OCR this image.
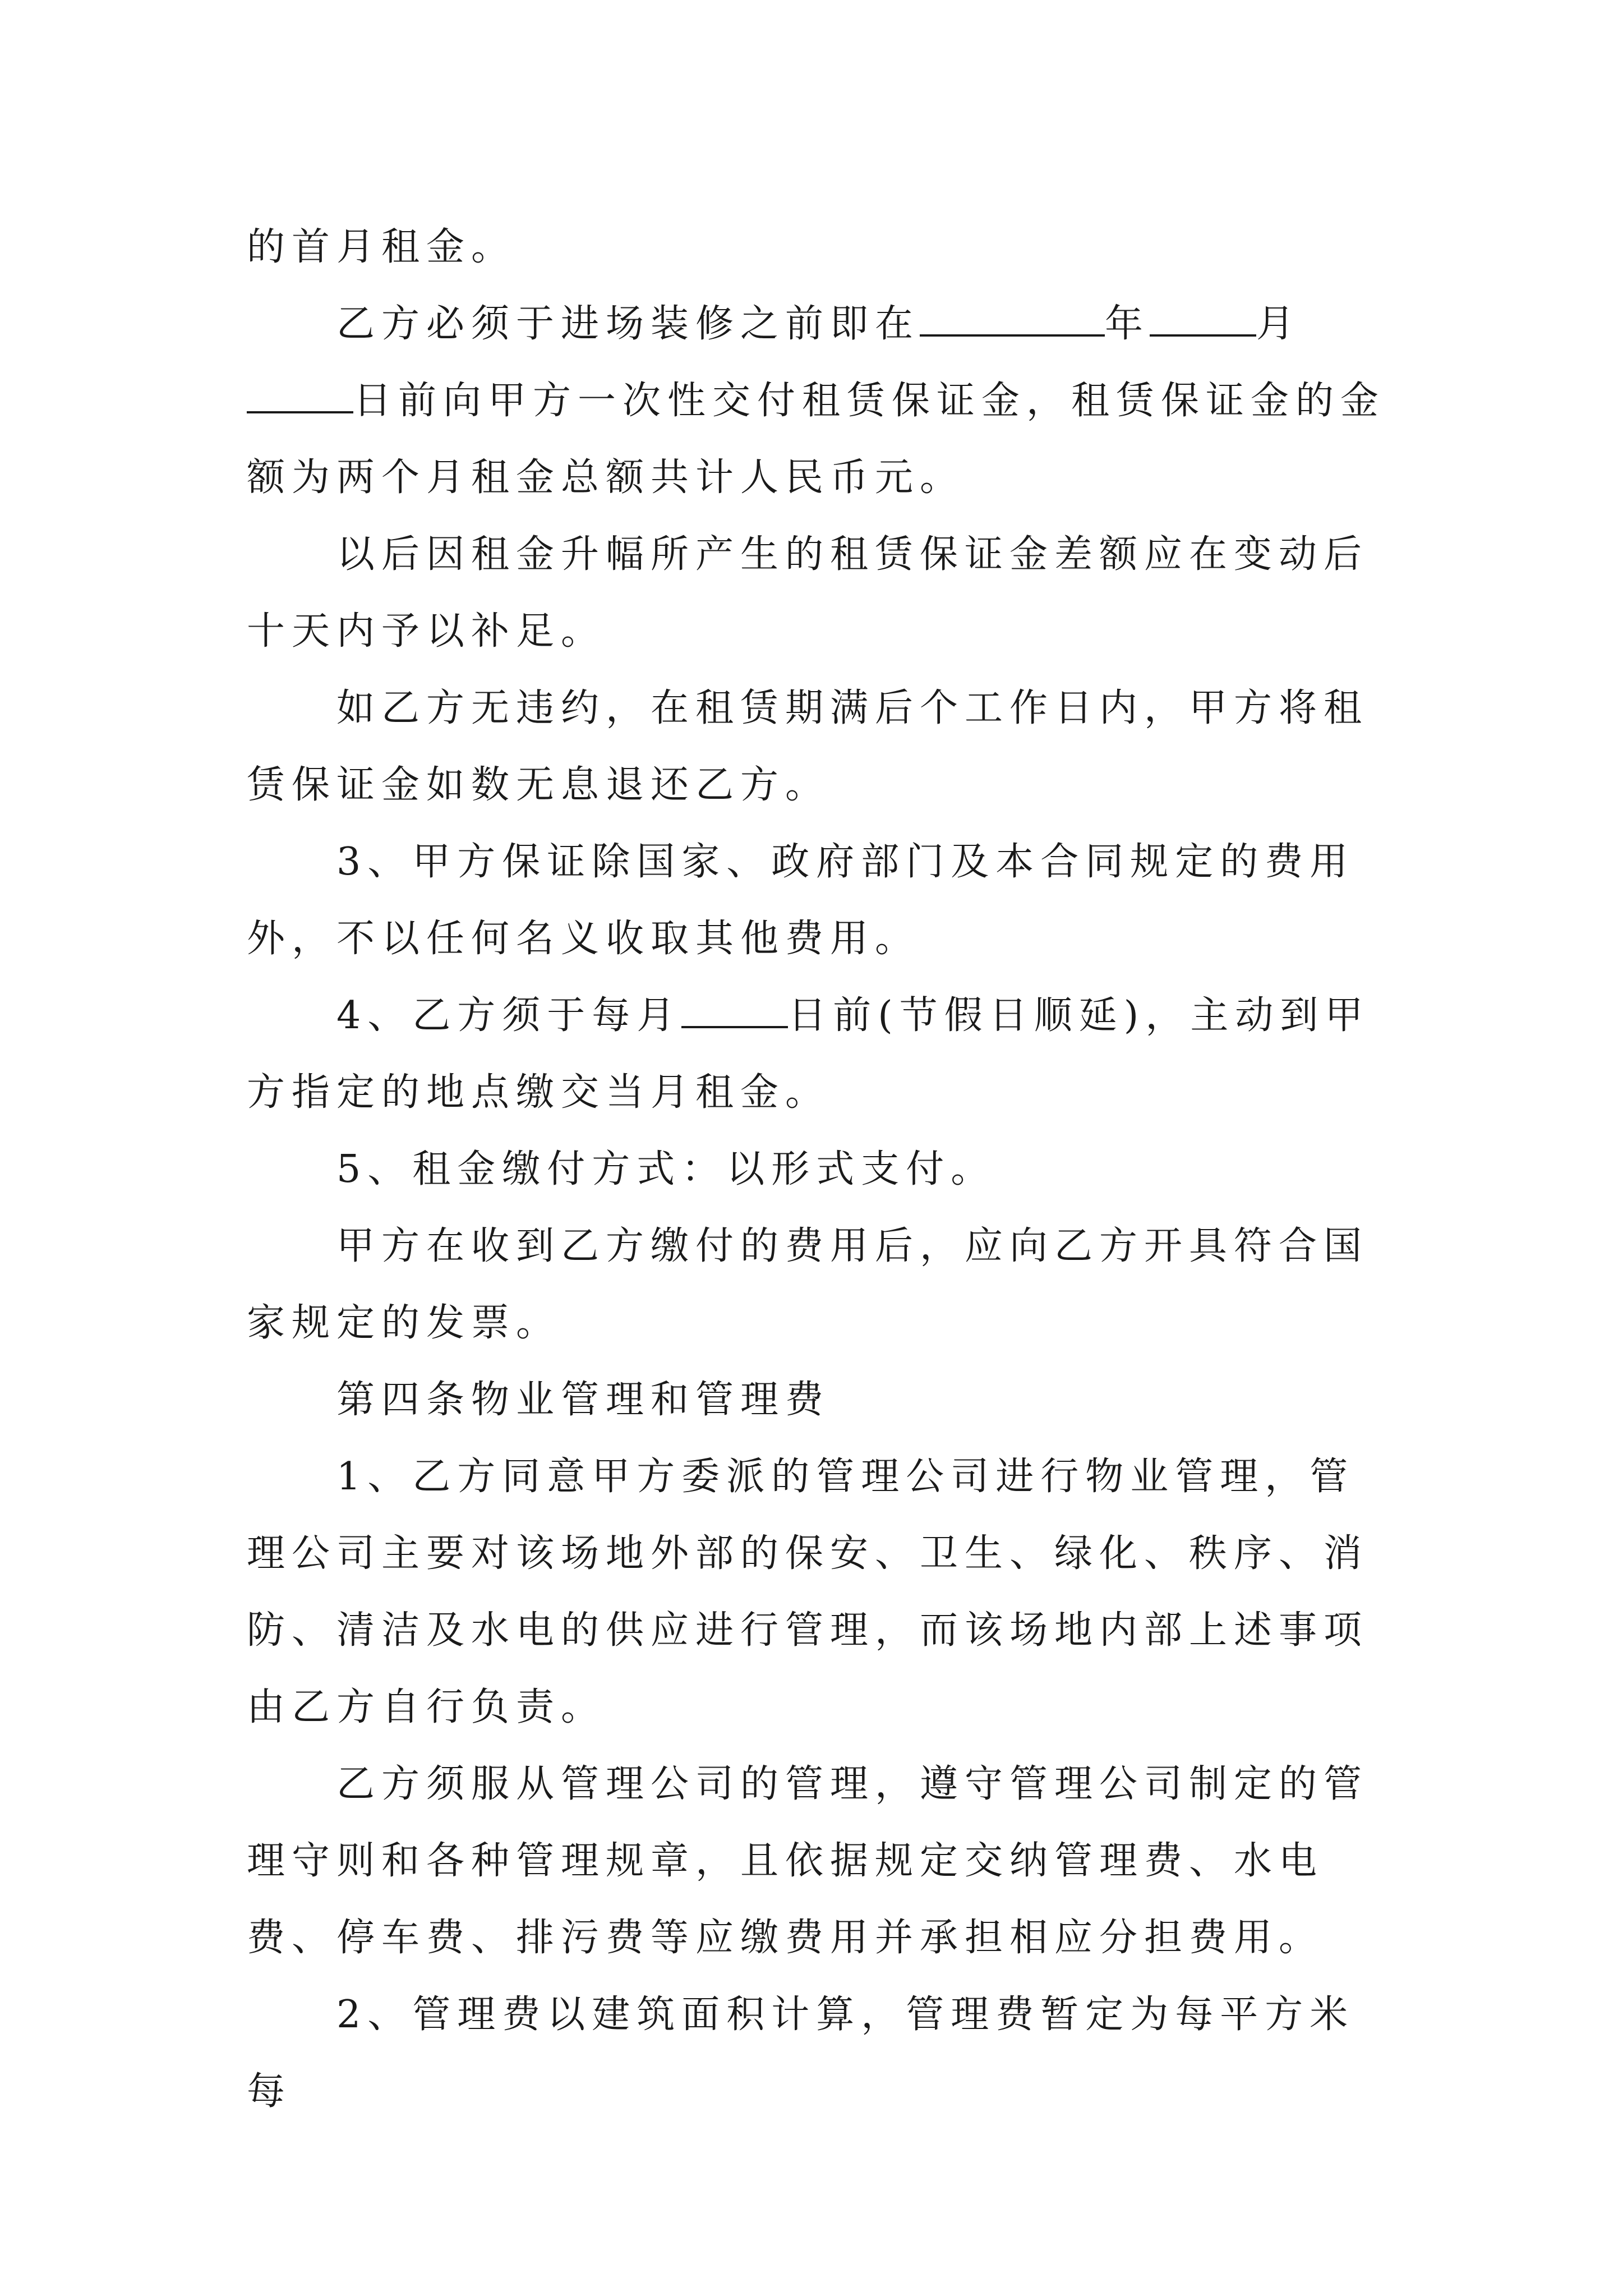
的首月租金。

乙方必须于进场装修之前即在	年	月日前向甲方一次性交付租赁保证金，租赁保证金的金额为两个月租金总额共计人民币元。

以后因租金升幅所产生的租赁保证金差额应在变动后十天内予以补足。

如乙方无违约，在租赁期满后个工作日内，甲方将租赁保证金如数无息退还乙方。

3、甲方保证除国家、政府部门及本合同规定的费用外，不以任何名义收取其他费用。

4、乙方须于每月	日前(节假日顺延)，主动到甲方指定的地点缴交当月租金。

5、租金缴付方式：以形式支付。

甲方在收到乙方缴付的费用后，应向乙方开具符合国家规定的发票。

第四条物业管理和管理费

1、乙方同意甲方委派的管理公司进行物业管理，管理公司主要对该场地外部的保安、卫生、绿化、秩序、消防、清洁及水电的供应进行管理，而该场地内部上述事项由乙方自行负责。

乙方须服从管理公司的管理，遵守管理公司制定的管理守则和各种管理规章，且依据规定交纳管理费、水电费、停车费、排污费等应缴费用并承担相应分担费用。

2、管理费以建筑面积计算，管理费暂定为每平方米每
